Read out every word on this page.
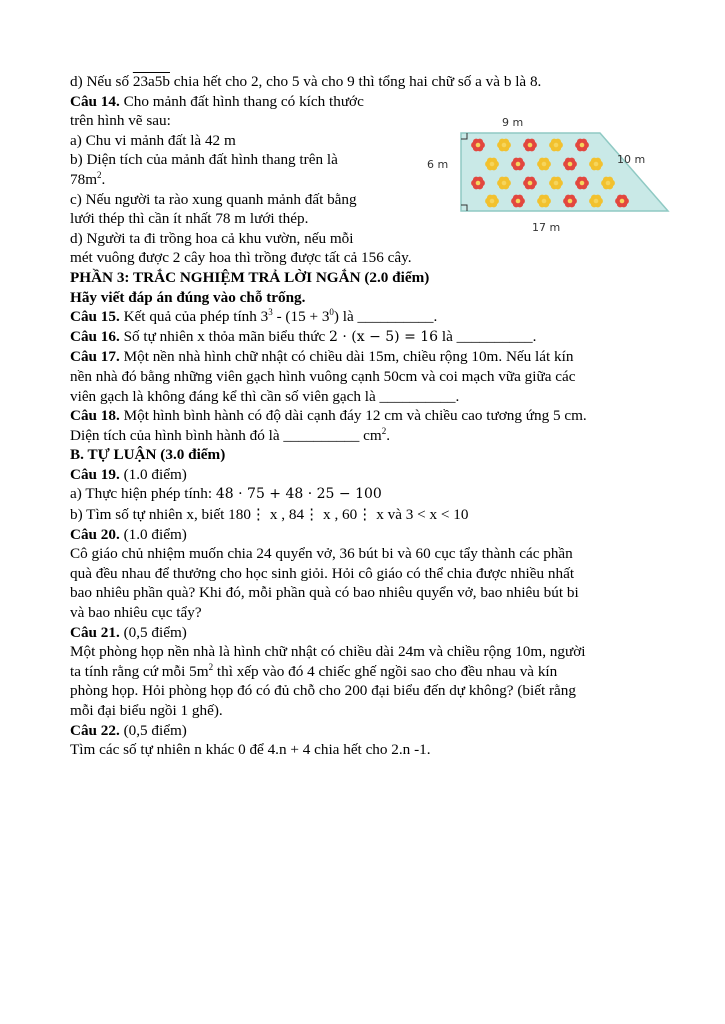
d) Nếu số 23a5b chia hết cho 2, cho 5 và cho 9 thì tổng hai chữ số a và b là 8.
Câu 14. Cho mảnh đất hình thang có kích thước
trên hình vẽ sau:
a) Chu vi mảnh đất là 42 m
b) Diện tích của mảnh đất hình thang trên là
$78m^2$.
c) Nếu người ta rào xung quanh mảnh đất bằng
lưới thép thì cần ít nhất 78 m lưới thép.
d) Người ta đi trồng hoa cả khu vườn, nếu mỗi
mét vuông được 2 cây hoa thì trồng được tất cả 156 cây.
PHẦN 3: TRẮC NGHIỆM TRẢ LỜI NGẮN (2.0 điểm)
Hãy viết đáp án đúng vào chỗ trống.
Câu 15. Kết quả của phép tính $3^3 - (15 + 3^0)$ là __________.
Câu 16. Số tự nhiên x thỏa mãn biểu thức 2 · (x − 5) = 16 là __________.
Câu 17. Một nền nhà hình chữ nhật có chiều dài 15m, chiều rộng 10m. Nếu lát kín
nền nhà đó bằng những viên gạch hình vuông cạnh 50cm và coi mạch vữa giữa các
viên gạch là không đáng kể thì cần số viên gạch là __________.
Câu 18. Một hình bình hành có độ dài cạnh đáy 12 cm và chiều cao tương ứng 5 cm.
Diện tích của hình bình hành đó là __________ $cm^2$.
B. TỰ LUẬN (3.0 điểm)
Câu 19. (1.0 điểm)
a) Thực hiện phép tính: 48 · 75 + 48 · 25 − 100
b) Tìm số tự nhiên x, biết 180⋮ x , 84⋮ x , 60⋮ x và 3 < x < 10
Câu 20. (1.0 điểm)
Cô giáo chủ nhiệm muốn chia 24 quyển vở, 36 bút bi và 60 cục tẩy thành các phần
quà đều nhau để thưởng cho học sinh giỏi. Hỏi cô giáo có thể chia được nhiều nhất
bao nhiêu phần quà? Khi đó, mỗi phần quà có bao nhiêu quyển vở, bao nhiêu bút bi
và bao nhiêu cục tẩy?
Câu 21. (0,5 điểm)
Một phòng họp nền nhà là hình chữ nhật có chiều dài 24m và chiều rộng 10m, người
ta tính rằng cứ mỗi $5m^2$ thì xếp vào đó 4 chiếc ghế ngồi sao cho đều nhau và kín
phòng họp. Hỏi phòng họp đó có đủ chỗ cho 200 đại biểu đến dự không? (biết rằng
mỗi đại biểu ngồi 1 ghế).
Câu 22. (0,5 điểm)
Tìm các số tự nhiên n khác 0 để 4.n + 4 chia hết cho 2.n -1.
9 m
6 m	10 m
17 m
